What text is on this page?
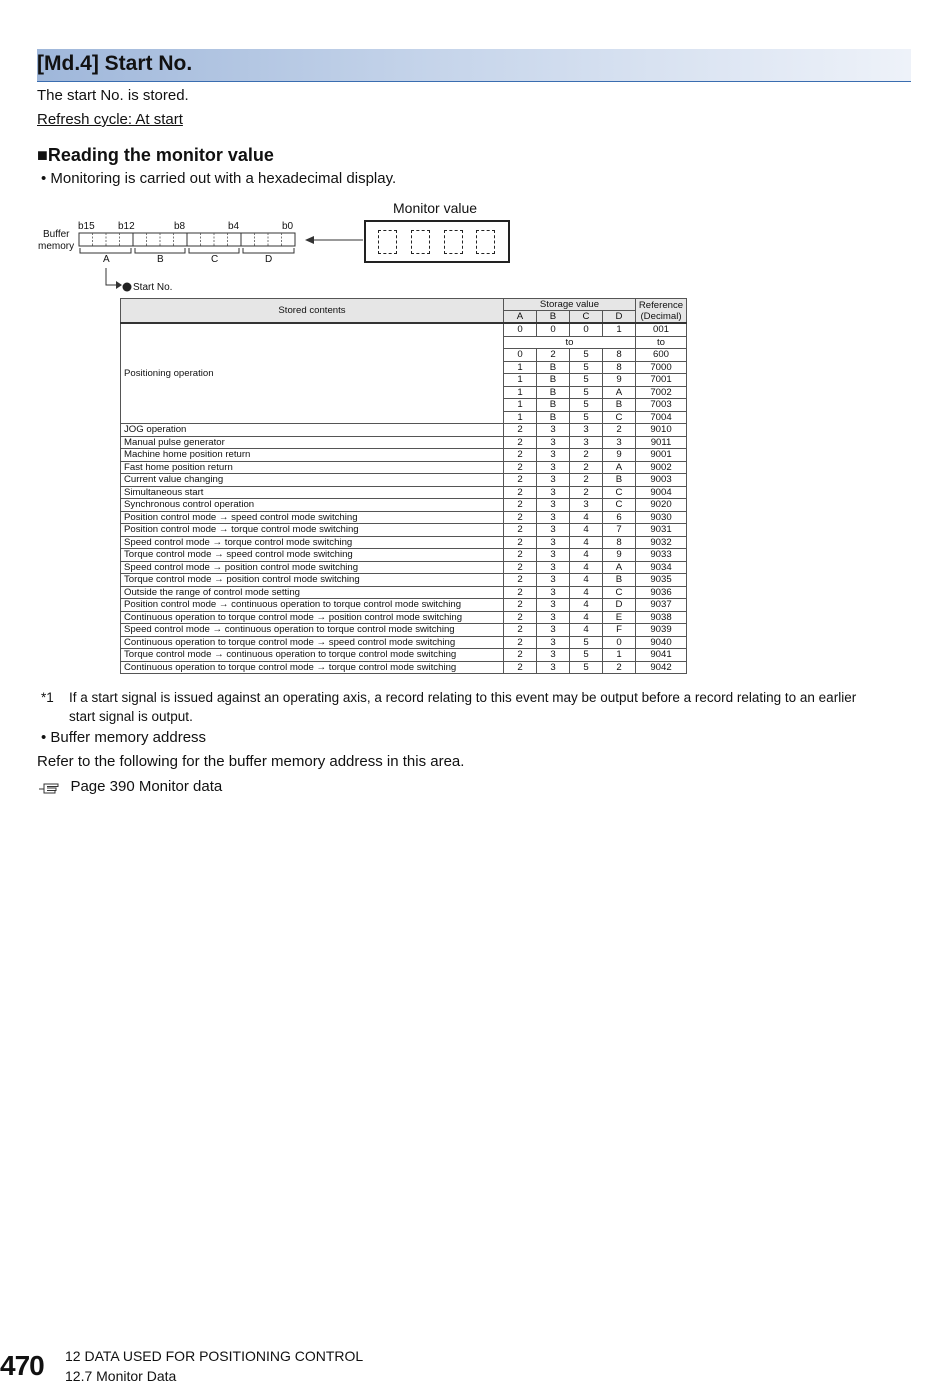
[Md.4] Start No.
The start No. is stored.
Refresh cycle: At start
■Reading the monitor value
• Monitoring is carried out with a hexadecimal display.
Buffer
memory
b15 b12	b8	b4	b0
A	B	C	D
Start No.
Monitor value
Stored contents	Storage value				Reference
(Decimal)
	A	B	C	D	
Positioning operation	0	0	0	1	001
	to				to
	0	2	5	8	600
	1	B	5	8	7000
	1	B	5	9	7001
	1	B	5	A	7002
	1	B	5	B	7003
	1	B	5	C	7004
JOG operation	2	3	3	2	9010
Manual pulse generator	2	3	3	3	9011
Machine home position return	2	3	2	9	9001
Fast home position return	2	3	2	A	9002
Current value changing	2	3	2	B	9003
Simultaneous start	2	3	2	C	9004
Synchronous control operation	2	3	3	C	9020
Position control mode → speed control mode switching	2	3	4	6	9030
Position control mode → torque control mode switching	2	3	4	7	9031
Speed control mode → torque control mode switching	2	3	4	8	9032
Torque control mode → speed control mode switching	2	3	4	9	9033
Speed control mode → position control mode switching	2	3	4	A	9034
Torque control mode → position control mode switching	2	3	4	B	9035
Outside the range of control mode setting	2	3	4	C	9036
Position control mode → continuous operation to torque control mode switching	2	3	4	D	9037
Continuous operation to torque control mode → position control mode switching	2	3	4	E	9038
Speed control mode → continuous operation to torque control mode switching	2	3	4	F	9039
Continuous operation to torque control mode → speed control mode switching	2	3	5	0	9040
Torque control mode → continuous operation to torque control mode switching	2	3	5	1	9041
Continuous operation to torque control mode → torque control mode switching	2	3	5	2	9042
*1 If a start signal is issued against an operating axis, a record relating to this event may be output before a record relating to an earlier
start signal is output.
• Buffer memory address
Refer to the following for the buffer memory address in this area.
Page 390 Monitor data
470 12 DATA USED FOR POSITIONING CONTROL
12.7 Monitor Data
